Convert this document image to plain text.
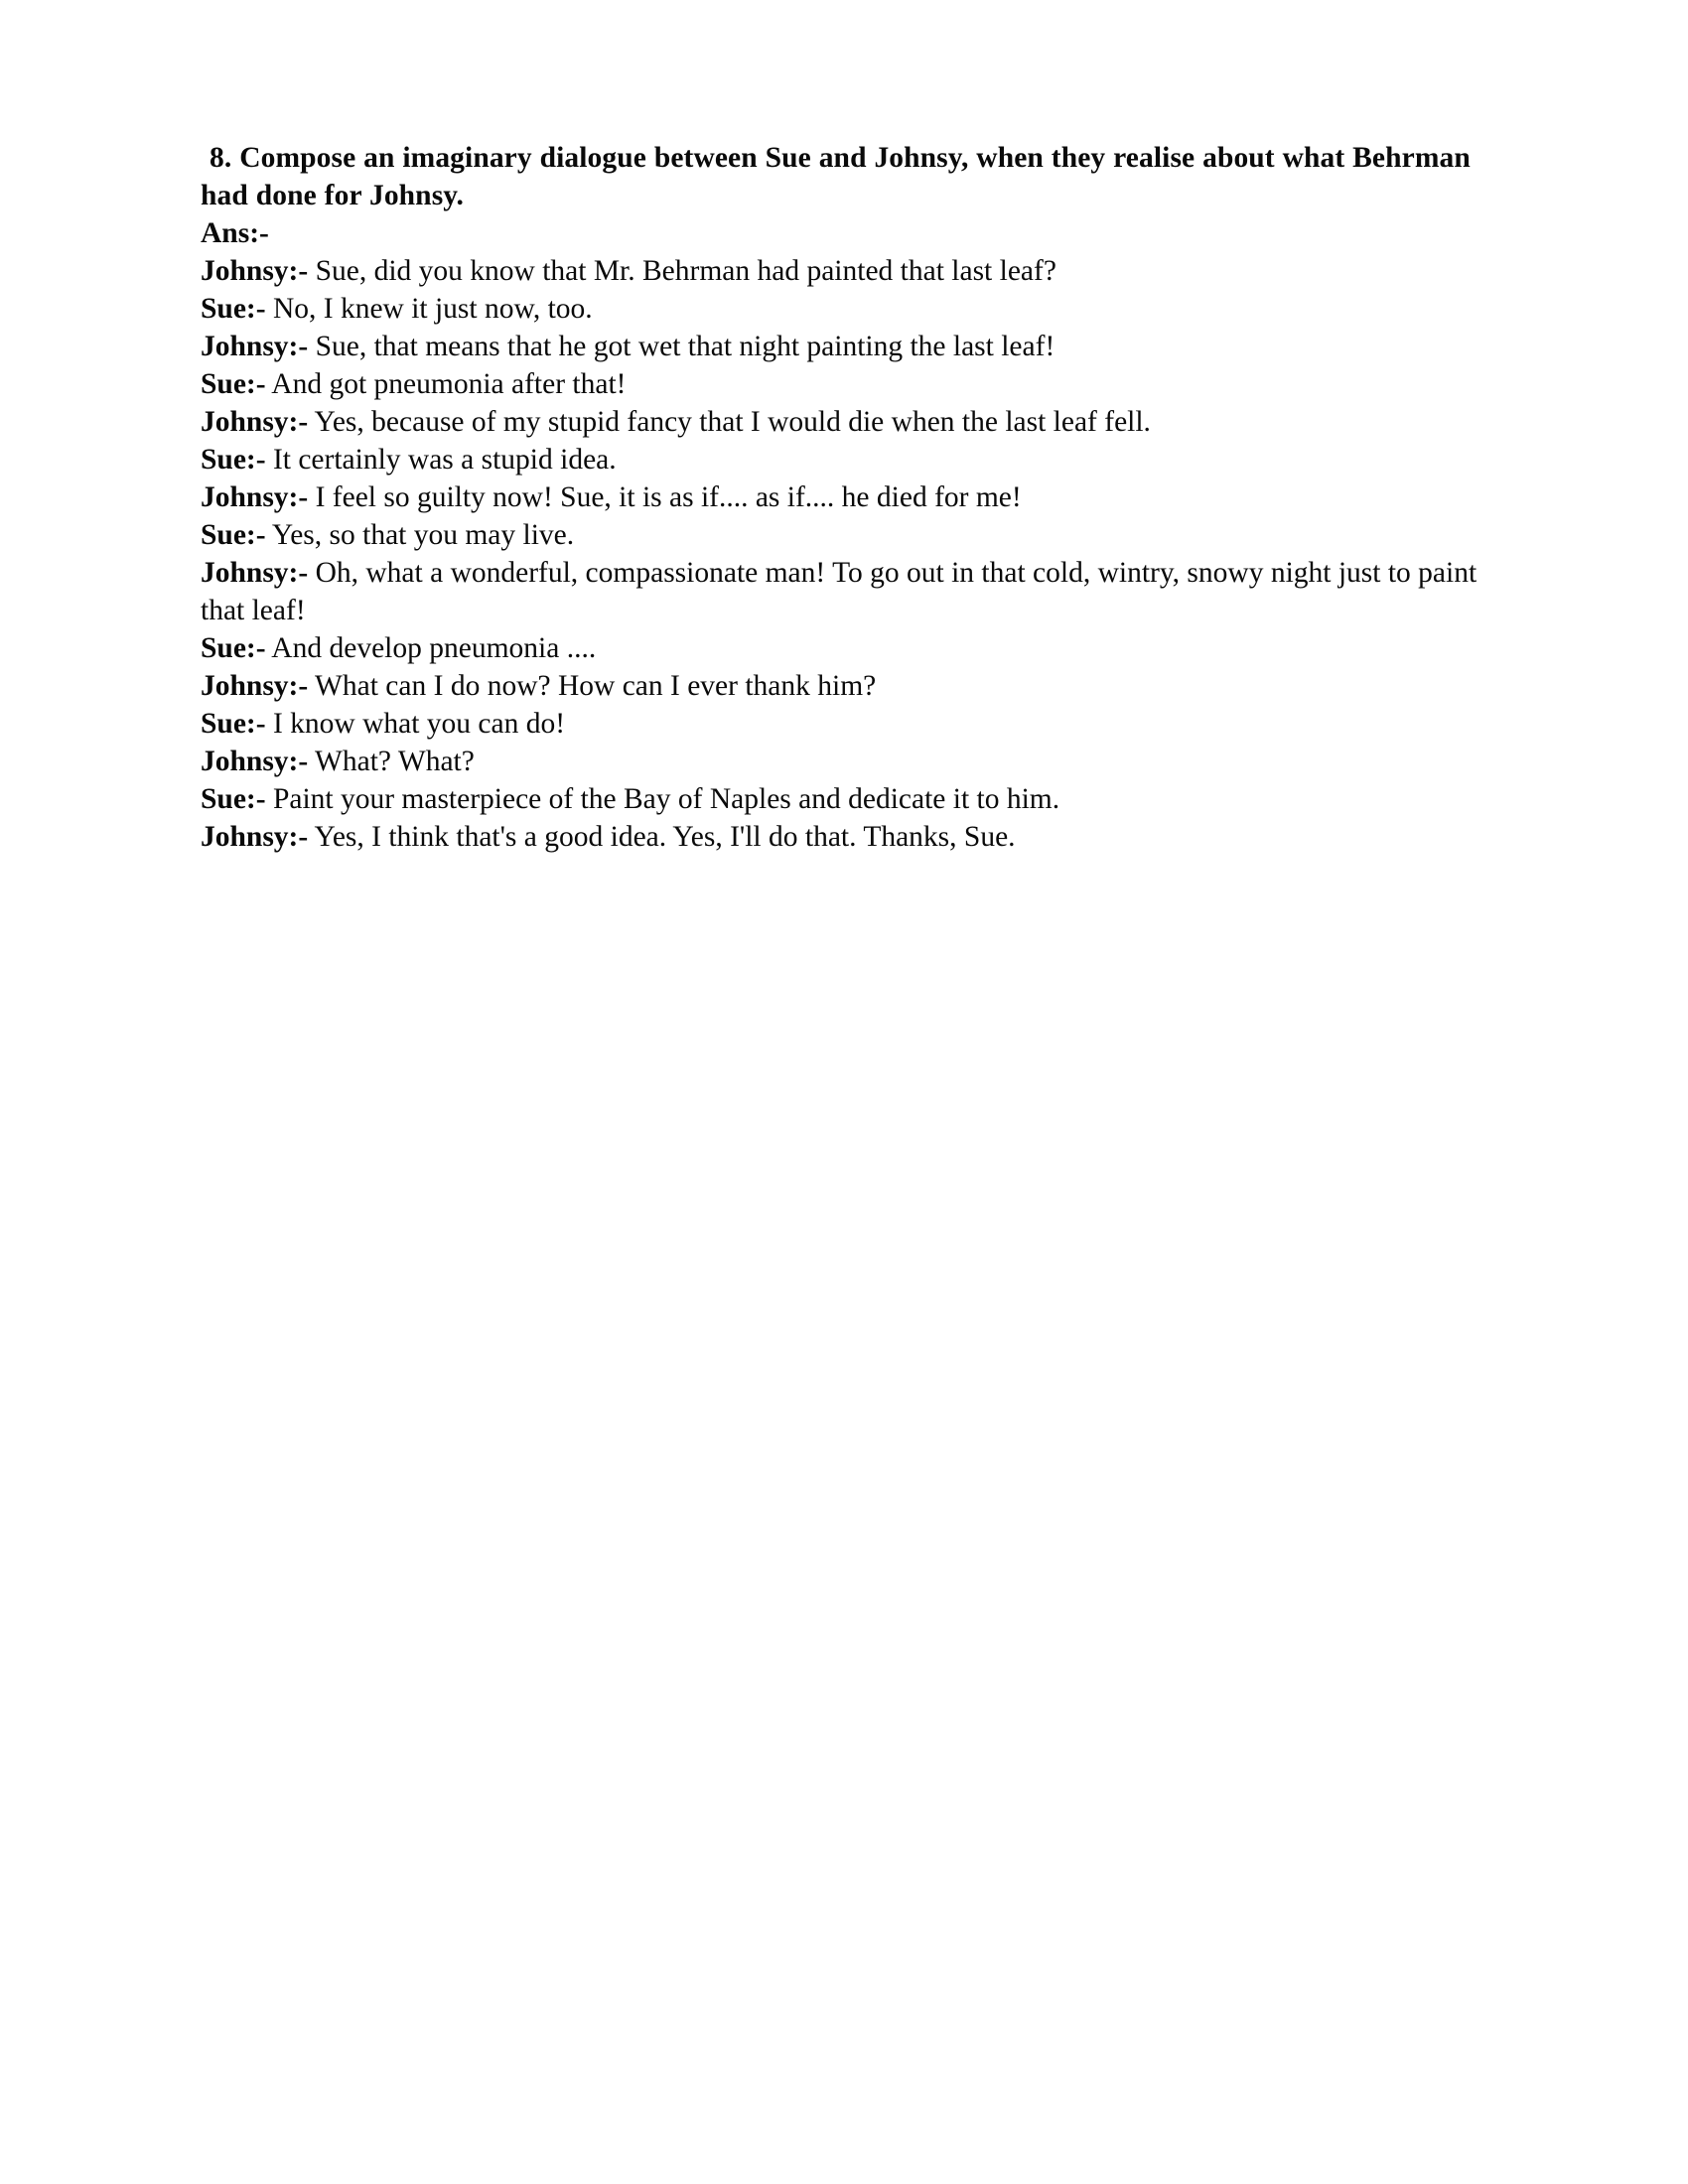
8. Compose an imaginary dialogue between Sue and Johnsy, when they realise about what Behrman had done for Johnsy.

Ans:-

Johnsy:- Sue, did you know that Mr. Behrman had painted that last leaf?

Sue:- No, I knew it just now, too.

Johnsy:- Sue, that means that he got wet that night painting the last leaf!

Sue:- And got pneumonia after that!

Johnsy:- Yes, because of my stupid fancy that I would die when the last leaf fell.

Sue:- It certainly was a stupid idea.

Johnsy:- I feel so guilty now! Sue, it is as if.... as if.... he died for me!

Sue:- Yes, so that you may live.

Johnsy:- Oh, what a wonderful, compassionate man! To go out in that cold, wintry, snowy night just to paint that leaf!

Sue:- And develop pneumonia ....

Johnsy:- What can I do now? How can I ever thank him?

Sue:- I know what you can do!

Johnsy:- What? What?

Sue:- Paint your masterpiece of the Bay of Naples and dedicate it to him.

Johnsy:- Yes, I think that's a good idea. Yes, I'll do that. Thanks, Sue.
